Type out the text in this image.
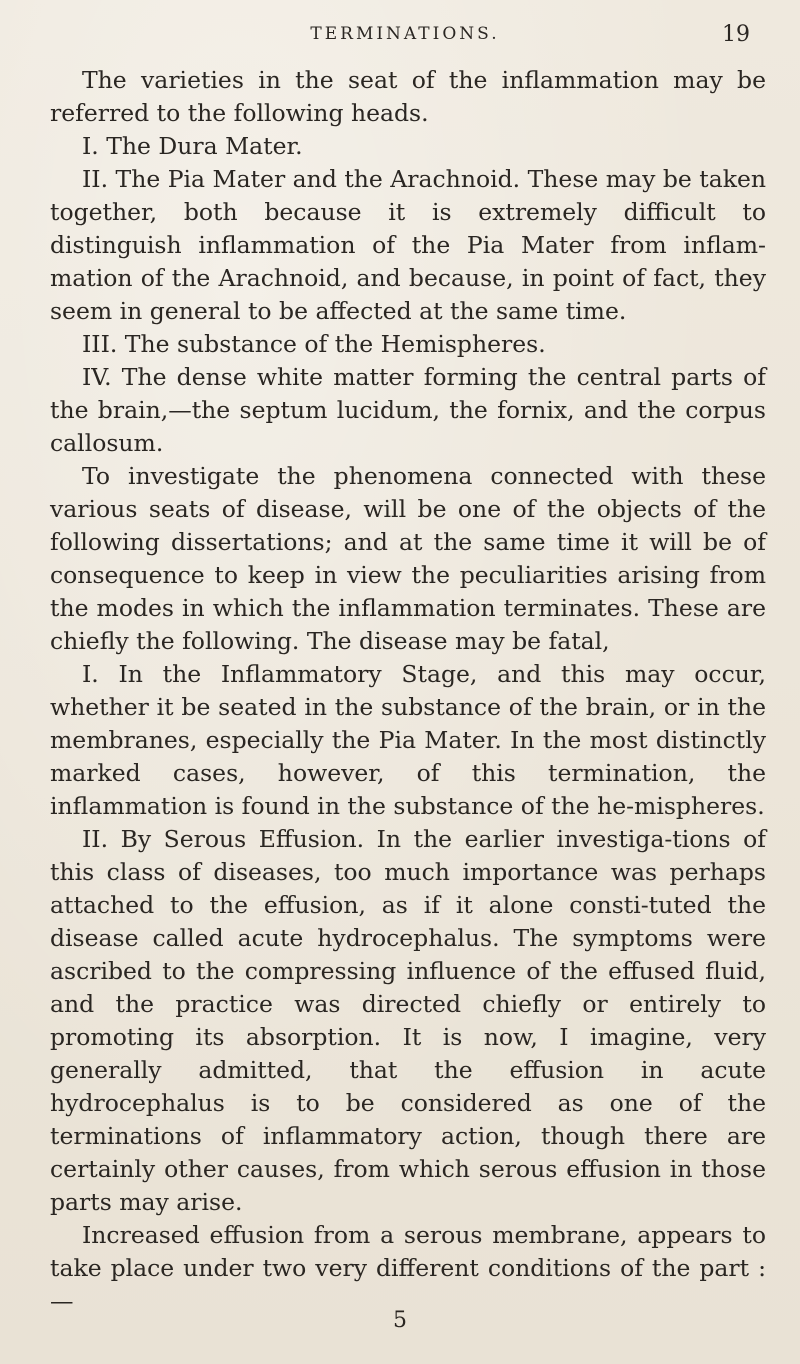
TERMINATIONS.	19

The varieties in the seat of the inflammation may be referred to the following heads.

I. The Dura Mater.

II. The Pia Mater and the Arachnoid. These may be taken together, both because it is extremely difficult to distinguish inflammation of the Pia Mater from inflam-mation of the Arachnoid, and because, in point of fact, they seem in general to be affected at the same time.

III. The substance of the Hemispheres.

IV. The dense white matter forming the central parts of the brain,—the septum lucidum, the fornix, and the corpus callosum.

To investigate the phenomena connected with these various seats of disease, will be one of the objects of the following dissertations; and at the same time it will be of consequence to keep in view the peculiarities arising from the modes in which the inflammation terminates. These are chiefly the following. The disease may be fatal,

I. In the Inflammatory Stage, and this may occur, whether it be seated in the substance of the brain, or in the membranes, especially the Pia Mater. In the most distinctly marked cases, however, of this termination, the inflammation is found in the substance of the he-mispheres.

II. By Serous Effusion. In the earlier investiga-tions of this class of diseases, too much importance was perhaps attached to the effusion, as if it alone consti-tuted the disease called acute hydrocephalus. The symptoms were ascribed to the compressing influence of the effused fluid, and the practice was directed chiefly or entirely to promoting its absorption. It is now, I imagine, very generally admitted, that the effusion in acute hydrocephalus is to be considered as one of the terminations of inflammatory action, though there are certainly other causes, from which serous effusion in those parts may arise.

Increased effusion from a serous membrane, appears to take place under two very different conditions of the part :—

5
